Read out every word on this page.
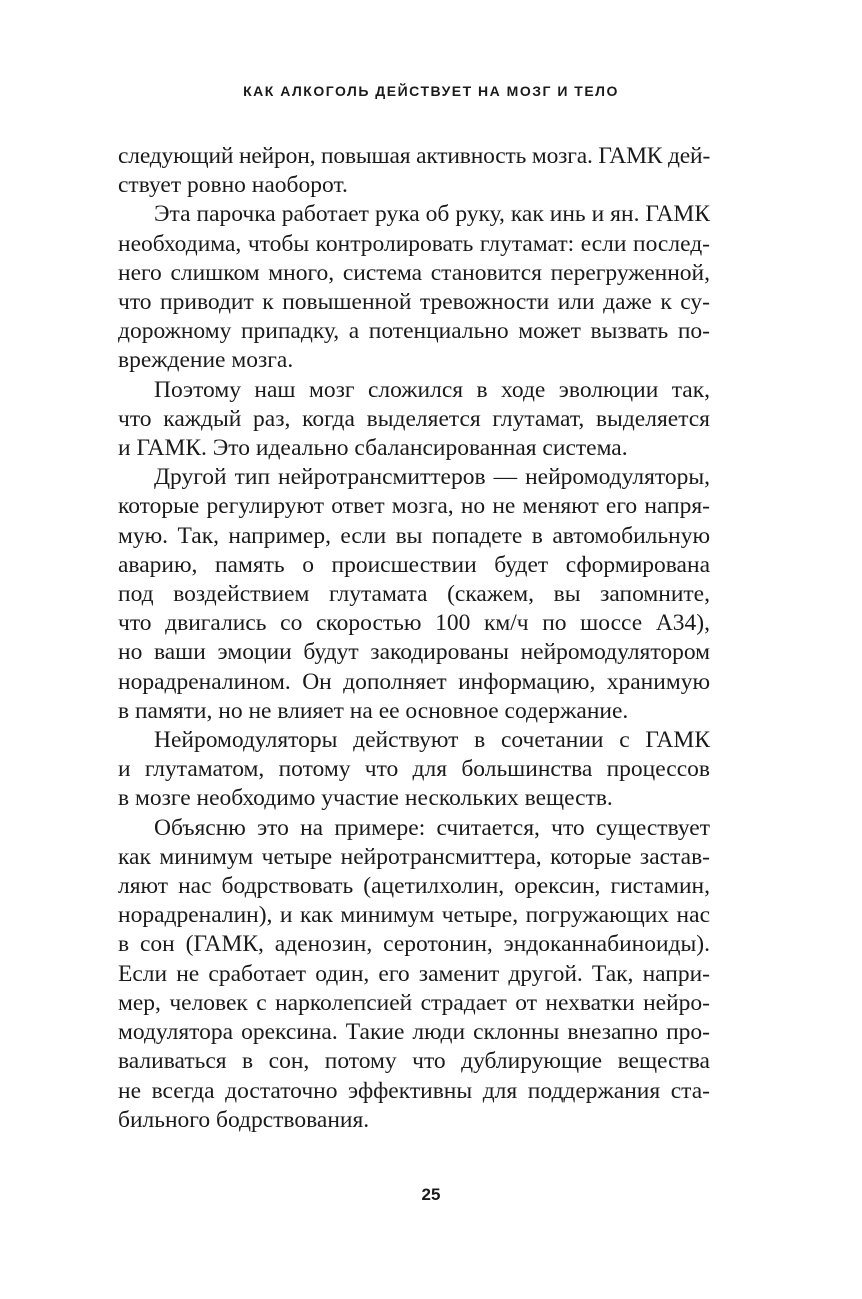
КАК АЛКОГОЛЬ ДЕЙСТВУЕТ НА МОЗГ И ТЕЛО
следующий нейрон, повышая активность мозга. ГАМК дей-
ствует ровно наоборот.
Эта парочка работает рука об руку, как инь и ян. ГАМК
необходима, чтобы контролировать глутамат: если послед-
него слишком много, система становится перегруженной,
что приводит к повышенной тревожности или даже к су-
дорожному припадку, а потенциально может вызвать по-
вреждение мозга.
Поэтому наш мозг сложился в ходе эволюции так,
что каждый раз, когда выделяется глутамат, выделяется
и ГАМК. Это идеально сбалансированная система.
Другой тип нейротрансмиттеров — нейромодуляторы,
которые регулируют ответ мозга, но не меняют его напря-
мую. Так, например, если вы попадете в автомобильную
аварию, память о происшествии будет сформирована
под воздействием глутамата (скажем, вы запомните,
что двигались со скоростью 100 км/ч по шоссе А34),
но ваши эмоции будут закодированы нейромодулятором
норадреналином. Он дополняет информацию, хранимую
в памяти, но не влияет на ее основное содержание.
Нейромодуляторы действуют в сочетании с ГАМК
и глутаматом, потому что для большинства процессов
в мозге необходимо участие нескольких веществ.
Объясню это на примере: считается, что существует
как минимум четыре нейротрансмиттера, которые застав-
ляют нас бодрствовать (ацетилхолин, орексин, гистамин,
норадреналин), и как минимум четыре, погружающих нас
в сон (ГАМК, аденозин, серотонин, эндоканнабиноиды).
Если не сработает один, его заменит другой. Так, напри-
мер, человек с нарколепсией страдает от нехватки нейро-
модулятора орексина. Такие люди склонны внезапно про-
валиваться в сон, потому что дублирующие вещества
не всегда достаточно эффективны для поддержания ста-
бильного бодрствования.
25
